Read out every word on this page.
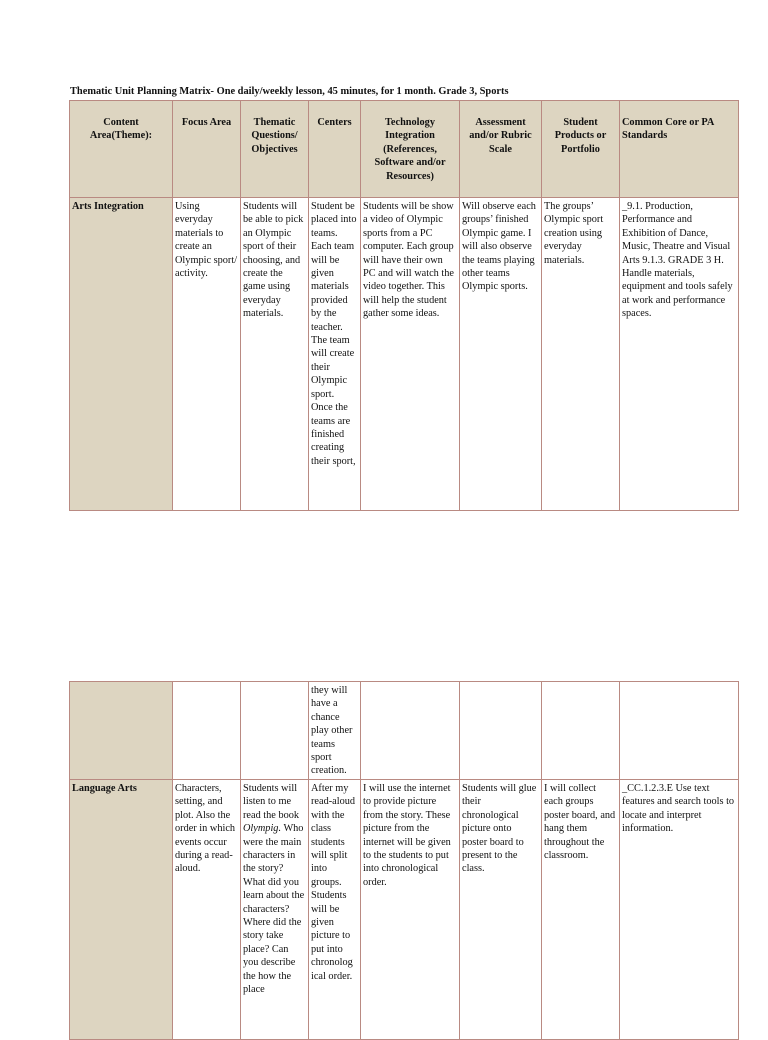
Thematic Unit Planning Matrix- One daily/weekly lesson, 45 minutes, for 1 month. Grade 3, Sports
Content Area(Theme):	Focus Area	Thematic Questions/ Objectives	Centers	Technology Integration (References, Software and/or Resources)	Assessment and/or Rubric Scale	Student Products or Portfolio	Common Core or PA Standards
Arts Integration	Using everyday materials to create an Olympic sport/ activity.	Students will be able to pick an Olympic sport of their choosing, and create the game using everyday materials.	Student be placed into teams. Each team will be given materials provided by the teacher. The team will create their Olympic sport. Once the teams are finished creating their sport,	Students will be show a video of Olympic sports from a PC computer. Each group will have their own PC and will watch the video together. This will help the student gather some ideas.	Will observe each groups’ finished Olympic game. I will also observe the teams playing other teams Olympic sports.	The groups’ Olympic sport creation using everyday materials.	_9.1. Production, Performance and Exhibition of Dance, Music, Theatre and Visual Arts 9.1.3. GRADE 3 H. Handle materials, equipment and tools safely at work and performance spaces.
			they will have a chance play other teams sport creation.				
Language Arts	Characters, setting, and plot. Also the order in which events occur during a read-aloud.	Students will listen to me read the book Olympig. Who were the main characters in the story? What did you learn about the characters? Where did the story take place? Can you describe the how the place	After my read-aloud with the class students will split into groups. Students will be given picture to put into chronolog ical order.	I will use the internet to provide picture from the story. These picture from the internet will be given to the students to put into chronological order.	Students will glue their chronological picture onto poster board to present to the class.	I will collect each groups poster board, and hang them throughout the classroom.	_CC.1.2.3.E Use text features and search tools to locate and interpret information.
